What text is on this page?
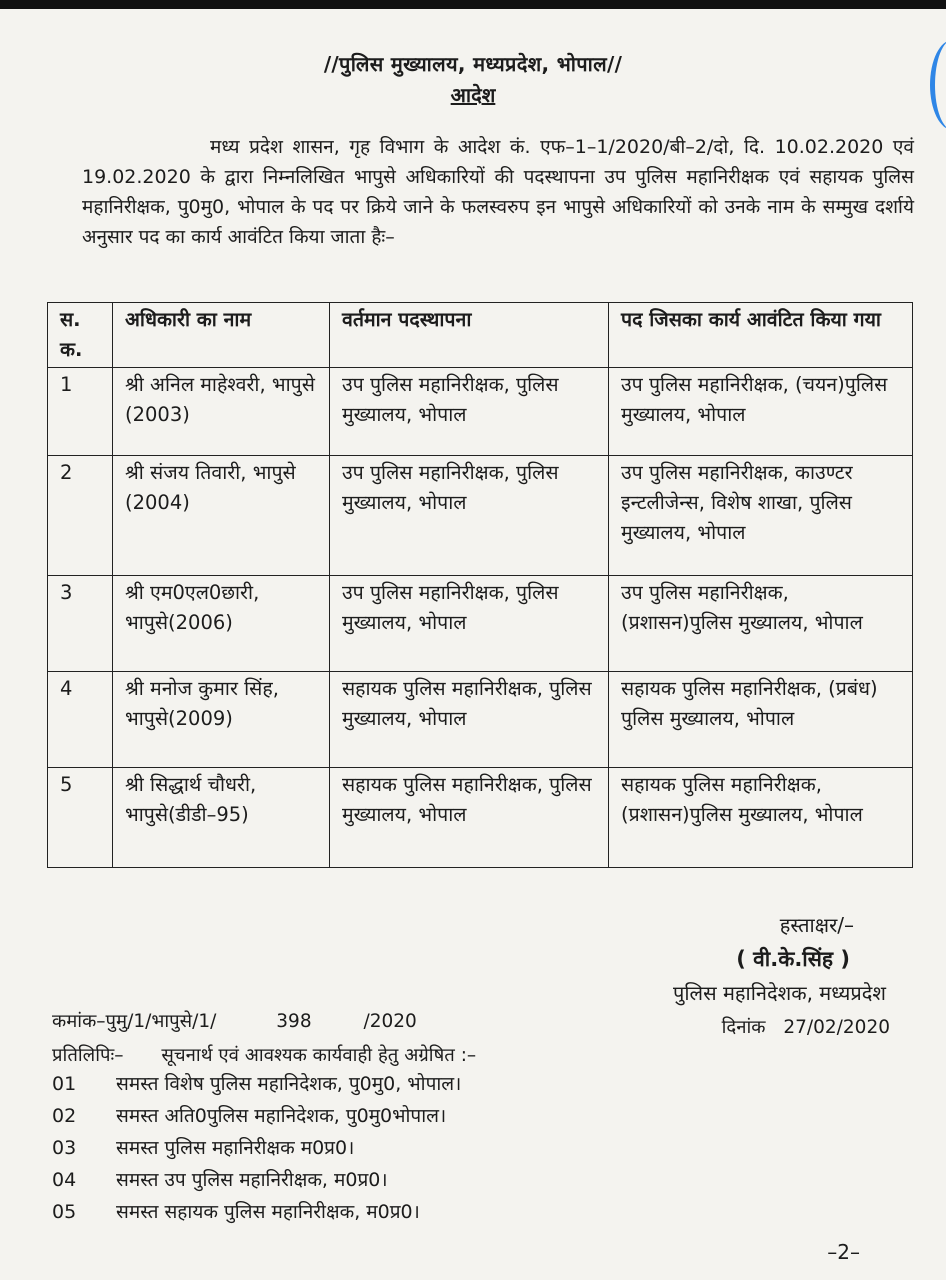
//पुलिस मुख्यालय, मध्यप्रदेश, भोपाल//
आदेश
मध्य प्रदेश शासन, गृह विभाग के आदेश कं. एफ–1–1/2020/बी–2/दो, दि. 10.02.2020 एवं 19.02.2020 के द्वारा निम्नलिखित भापुसे अधिकारियों की पदस्थापना उप पुलिस महानिरीक्षक एवं सहायक पुलिस महानिरीक्षक, पु0मु0, भोपाल के पद पर क्रिये जाने के फलस्वरुप इन भापुसे अधिकारियों को उनके नाम के सम्मुख दर्शाये अनुसार पद का कार्य आवंटित किया जाता हैः–
स. क.	अधिकारी का नाम	वर्तमान पदस्थापना	पद जिसका कार्य आवंटित किया गया
1	श्री अनिल माहेश्वरी, भापुसे (2003)	उप पुलिस महानिरीक्षक, पुलिस मुख्यालय, भोपाल	उप पुलिस महानिरीक्षक, (चयन)पुलिस मुख्यालय, भोपाल
2	श्री संजय तिवारी, भापुसे (2004)	उप पुलिस महानिरीक्षक, पुलिस मुख्यालय, भोपाल	उप पुलिस महानिरीक्षक, काउण्टर इन्टलीजेन्स, विशेष शाखा, पुलिस मुख्यालय, भोपाल
3	श्री एम0एल0छारी, भापुसे(2006)	उप पुलिस महानिरीक्षक, पुलिस मुख्यालय, भोपाल	उप पुलिस महानिरीक्षक, (प्रशासन)पुलिस मुख्यालय, भोपाल
4	श्री मनोज कुमार सिंह, भापुसे(2009)	सहायक पुलिस महानिरीक्षक, पुलिस मुख्यालय, भोपाल	सहायक पुलिस महानिरीक्षक, (प्रबंध) पुलिस मुख्यालय, भोपाल
5	श्री सिद्धार्थ चौधरी, भापुसे(डीडी–95)	सहायक पुलिस महानिरीक्षक, पुलिस मुख्यालय, भोपाल	सहायक पुलिस महानिरीक्षक, (प्रशासन)पुलिस मुख्यालय, भोपाल
हस्ताक्षर/–
( वी.के.सिंह )
पुलिस महानिदेशक, मध्यप्रदेश
कमांक–पुमु/1/भापुसे/1/	398	/2020	दिनांक 27/02/2020
प्रतिलिपिः– सूचनार्थ एवं आवश्यक कार्यवाही हेतु अग्रेषित :–
01 समस्त विशेष पुलिस महानिदेशक, पु0मु0, भोपाल।
02 समस्त अति0पुलिस महानिदेशक, पु0मु0भोपाल।
03 समस्त पुलिस महानिरीक्षक म0प्र0।
04 समस्त उप पुलिस महानिरीक्षक, म0प्र0।
05 समस्त सहायक पुलिस महानिरीक्षक, म0प्र0।
–2–
